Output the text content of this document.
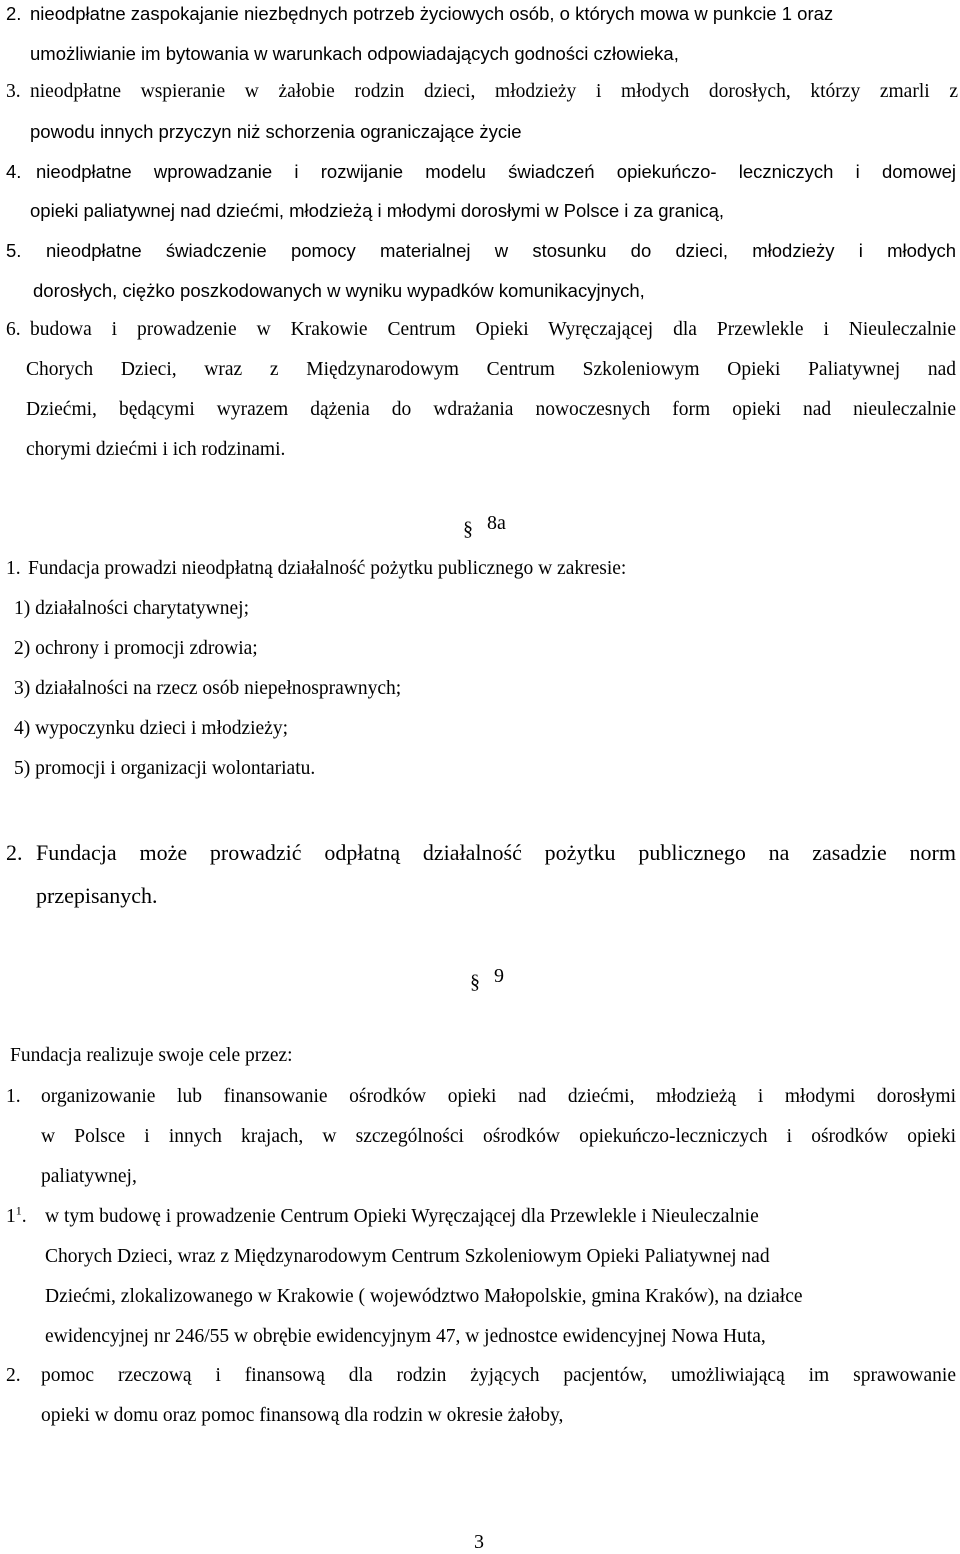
2. nieodpłatne zaspokajanie niezbędnych potrzeb życiowych osób, o których mowa w punkcie 1 oraz
umożliwianie im bytowania w warunkach odpowiadających godności człowieka,
3. nieodpłatne wspieranie w żałobie rodzin dzieci, młodzieży i młodych dorosłych, którzy zmarli z
powodu innych przyczyn niż schorzenia ograniczające życie
4. nieodpłatne wprowadzanie i rozwijanie modelu świadczeń opiekuńczo- leczniczych i domowej
opieki paliatywnej nad dziećmi, młodzieżą i młodymi dorosłymi w Polsce i za granicą,
5. nieodpłatne świadczenie pomocy materialnej w stosunku do dzieci, młodzieży i młodych
dorosłych, ciężko poszkodowanych w wyniku wypadków komunikacyjnych,
6. budowa i prowadzenie w Krakowie Centrum Opieki Wyręczającej dla Przewlekle i Nieuleczalnie
Chorych Dzieci, wraz z Międzynarodowym Centrum Szkoleniowym Opieki Paliatywnej nad
Dziećmi, będącymi wyrazem dążenia do wdrażania nowoczesnych form opieki nad nieuleczalnie
chorymi dziećmi i ich rodzinami.
§ 8a
1. Fundacja prowadzi nieodpłatną działalność pożytku publicznego w zakresie:
1) działalności charytatywnej;
2) ochrony i promocji zdrowia;
3) działalności na rzecz osób niepełnosprawnych;
4) wypoczynku dzieci i młodzieży;
5) promocji i organizacji wolontariatu.
2. Fundacja może prowadzić odpłatną działalność pożytku publicznego na zasadzie norm
przepisanych.
§ 9
Fundacja realizuje swoje cele przez:
1. organizowanie lub finansowanie ośrodków opieki nad dziećmi, młodzieżą i młodymi dorosłymi
w Polsce i innych krajach, w szczególności ośrodków opiekuńczo-leczniczych i ośrodków opieki
paliatywnej,
$1^1$. w tym budowę i prowadzenie Centrum Opieki Wyręczającej dla Przewlekle i Nieuleczalnie
Chorych Dzieci, wraz z Międzynarodowym Centrum Szkoleniowym Opieki Paliatywnej nad
Dziećmi, zlokalizowanego w Krakowie ( województwo Małopolskie, gmina Kraków), na działce
ewidencyjnej nr 246/55 w obrębie ewidencyjnym 47, w jednostce ewidencyjnej Nowa Huta,
2. pomoc rzeczową i finansową dla rodzin żyjących pacjentów, umożliwiającą im sprawowanie
opieki w domu oraz pomoc finansową dla rodzin w okresie żałoby,
3
